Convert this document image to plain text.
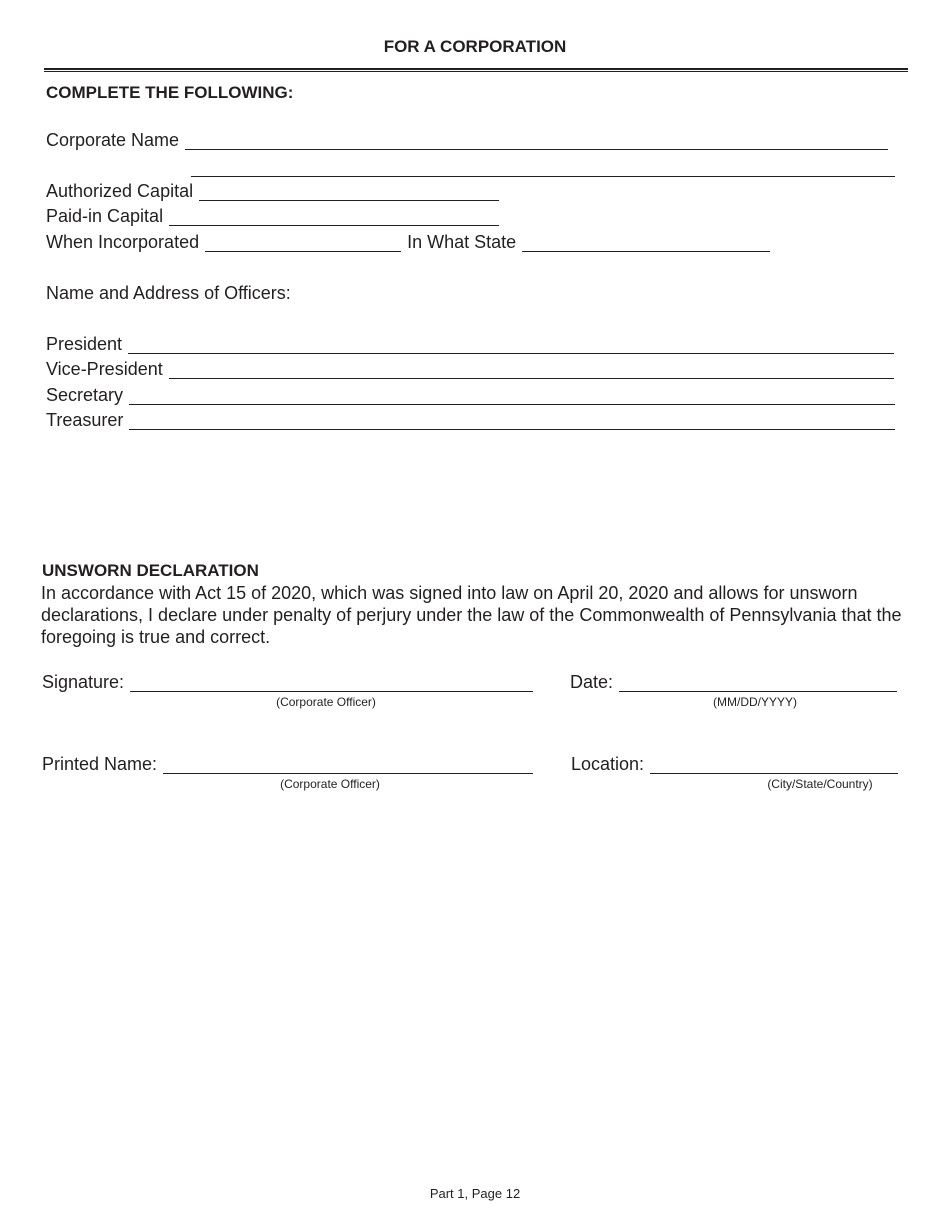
FOR A CORPORATION
COMPLETE THE FOLLOWING:
Corporate Name
Authorized Capital
Paid-in Capital
When Incorporated	In What State
Name and Address of Officers:
President
Vice-President
Secretary
Treasurer
UNSWORN DECLARATION
In accordance with Act 15 of 2020, which was signed into law on April 20, 2020 and allows for unsworn declarations, I declare under penalty of perjury under the law of the Commonwealth of Pennsylvania that the foregoing is true and correct.
Signature:	Date:
(Corporate Officer)	(MM/DD/YYYY)
Printed Name:	Location:
(Corporate Officer)	(City/State/Country)
Part 1, Page 12
